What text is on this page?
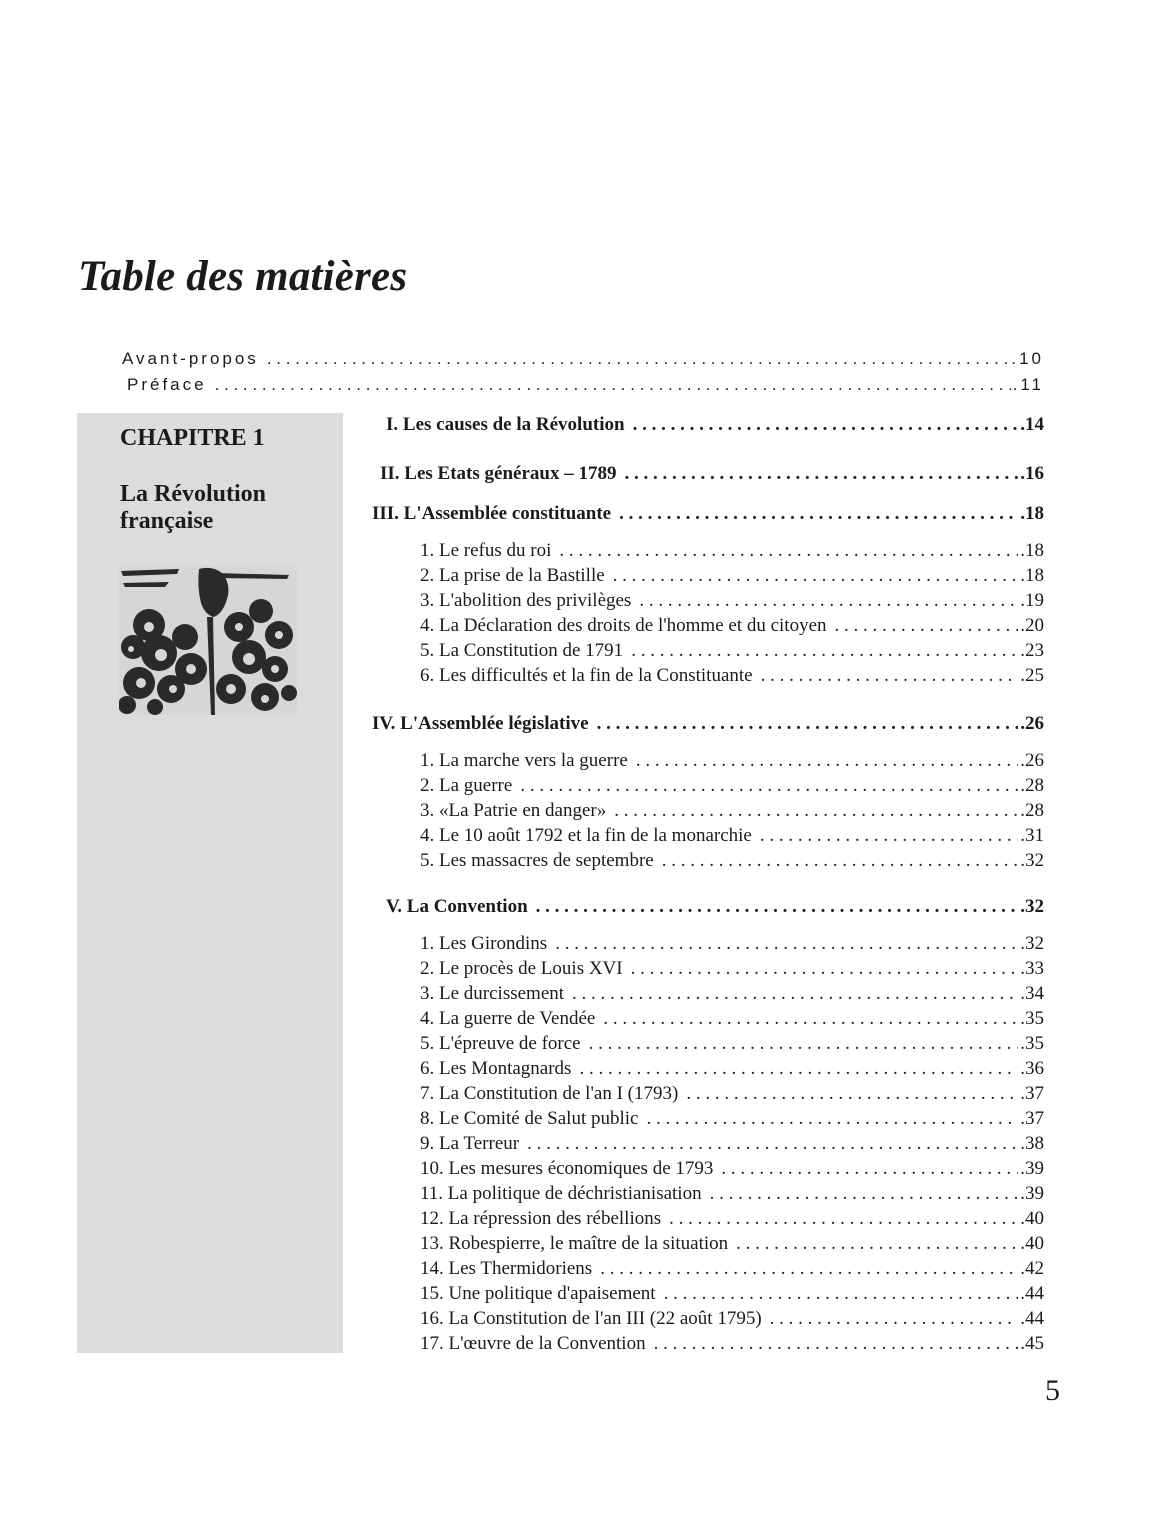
Table des matières
Avant-propos . . .	.10
Préface . . .	.11

CHAPITRE 1

La Révolution
française
I. Les causes de la Révolution . . .	.14
II. Les Etats généraux – 1789 . . .	.16
III. L'Assemblée constituante . . .	.18
1. Le refus du roi . . .	.18
2. La prise de la Bastille . . .	.18
3. L'abolition des privilèges . . .	.19
4. La Déclaration des droits de l'homme et du citoyen . . .	.20
5. La Constitution de 1791 . . .	.23
6. Les difficultés et la fin de la Constituante . . .	.25
IV. L'Assemblée législative . . .	.26
1. La marche vers la guerre . . .	.26
2. La guerre . . .	.28
3. «La Patrie en danger» . . .	.28
4. Le 10 août 1792 et la fin de la monarchie . . .	.31
5. Les massacres de septembre . . .	.32
V. La Convention . . .	.32
1. Les Girondins . . .	.32
2. Le procès de Louis XVI . . .	.33
3. Le durcissement . . .	.34
4. La guerre de Vendée . . .	.35
5. L'épreuve de force . . .	.35
6. Les Montagnards . . .	.36
7. La Constitution de l'an I (1793) . . .	.37
8. Le Comité de Salut public . . .	.37
9. La Terreur . . .	.38
10. Les mesures économiques de 1793 . . .	.39
11. La politique de déchristianisation . . .	.39
12. La répression des rébellions . . .	.40
13. Robespierre, le maître de la situation . . .	.40
14. Les Thermidoriens . . .	.42
15. Une politique d'apaisement . . .	.44
16. La Constitution de l'an III (22 août 1795) . . .	.44
17. L'œuvre de la Convention . . .	.45

5
